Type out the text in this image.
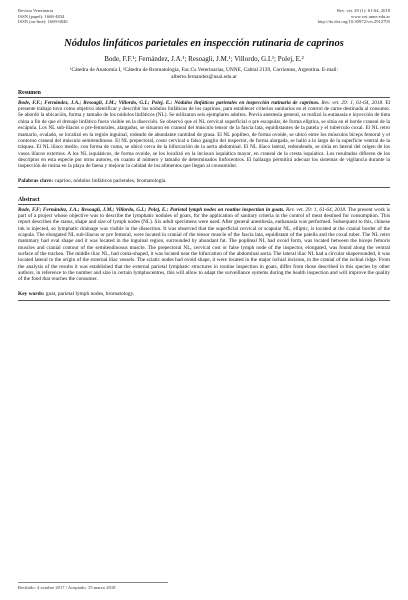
Revista Veterinaria
ISSN (papel): 1668-4834
ISSN (on-line): 1669-6840
Rev. vet. 29 (1): 61-64, 2018
www.vet.unne.edu.ar
http://dx.doi.org/10.30972/vet.2912795
Nódulos linfáticos parietales en inspección rutinaria de caprinos
Bode, F.F.¹; Fernández, J.A.¹; Resoagli, J.M.¹; Villordo, G.I.¹; Polej, E.²
¹Cátedra de Anatomía I, ²Cátedra de Bromatología, Fac.Cs.Veterinarias, UNNE, Cabral 2139, Corrientes, Argentina. E-mail: alberto.fernandez@usal.edu.ar
Resumen
Bode, F.F.; Fernández, J.A.; Resoagli, J.M.; Villordo, G.I.; Polej, E.: Nódulos linfáticos parietales en inspección rutinaria de caprinos. Rev. vet. 29: 1, 61-64, 2018. El presente trabajo tuvo como objetivo identificar y describir los nódulos linfáticos de los caprinos, para establecer criterios sanitarios en el control de carne destinada al consumo. Se abordó la ubicación, forma y tamaño de los nódulos linfáticos (NL). Se utilizaron seis ejemplares adultos. Previa anestesia general, se realizó la eutanasia e inyección de tinta china a fin de que el drenaje linfático fuera visible en la disección. Se observó que el NL cervical superficial o pre escapular, de forma elíptica, se sitúa en el borde craneal de la escápula. Los NL sub-iliacos o pre-femorales, alargados, se situaron en craneal del músculo tensor de la fascia lata, equidistantes de la patela y el tubérculo coxal. El NL retro mamario, ovalado, se localizó en la región inguinal, rodeado de abundante cantidad de grasa. El NL poplíteo, de forma ovoide, se ubicó entre los músculos bíceps femoral y el contorno craneal del músculo semitendinoso. El NL prepectoral, costo cervical o falso ganglio del inspector, de forma alargada, se halló a lo largo de la superficie ventral de la tráquea. El NL ilíaco medio, con forma de coma, se ubicó cerca de la bifurcación de la aorta abdominal. El NL ilíaco lateral, redondeado, se sitúa en lateral del origen de los vasos ilíacos externos. A los NL isquiáticos, de forma ovoide, se los localizó en la incisura isquiática mayor, en craneal de la cresta isquiática. Los resultados difieren de los descriptos en esta especie por otros autores, en cuanto al número y tamaño de determinados linfocentros. El hallazgo permitirá adecuar los sistemas de vigilancia durante la inspección de rutina en la playa de faena y mejorar la calidad de los alimentos que llegan al consumidor.
Palabras clave: caprino, nódulos linfáticos parietales, bromatología.
Abstract
Bode, F.F; Fernández, J.A.; Resoagli, J.M.; Villordo, G.I.; Polej, E.: Parietal lymph nodes on routine inspection in goats. Rev. vet. 29: 1, 61-64, 2018. The present work is part of a project whose objective was to describe the lymphatic nodules of goats, for the application of sanitary criteria in the control of meat destined for consumption. This report describes the status, shape and size of lymph nodes (NL). Six adult specimens were used. After general anesthesia, euthanasia was performed. Subsequent to this, chinese ink is injected, so lymphatic drainage was visible in the dissection. It was observed that the superficial cervical or scapular NL, elliptic, is located at the cranial border of the scapula. The elongated NL sub-iliacus or pre femoral, were located in cranial of the tensor muscle of the fascia lata, equidistant of the patella and the coxal tuber. The NL retro mammary had oval shape and it was located in the inguinal region, surrounded by abundant fat. The popliteal NL had ovoid form, was located between the biceps femoris muscles and cranial contour of the semitendinosus muscle. The prepectoral NL, cervical cost or false lymph node of the inspector, elongated, was found along the ventral surface of the trachea. The middle iliac NL, had coma-shaped, it was located near the bifurcation of the abdominal aorta. The lateral iliac NL had a circular shaperounded, it was located lateral to the origin of the external iliac vessels. The sciatic nodes had ovoid shape, it were located in the major ischial incision, in the cranial of the ischial ridge. From the analysis of the results it was established that the external parietal lymphatic structures in routine inspection in goats, differ from those described in this species by other authors, in reference to the number and size in certain lymphocentres, this will allow to adapt the surveillance systems during the health inspection and will improve the quality of the food that reaches the consumer.
Key words: goat, parietal lymph nodes, bromatology.
Recibido: 4 octubre 2017 / Aceptado: 15 marzo 2018
